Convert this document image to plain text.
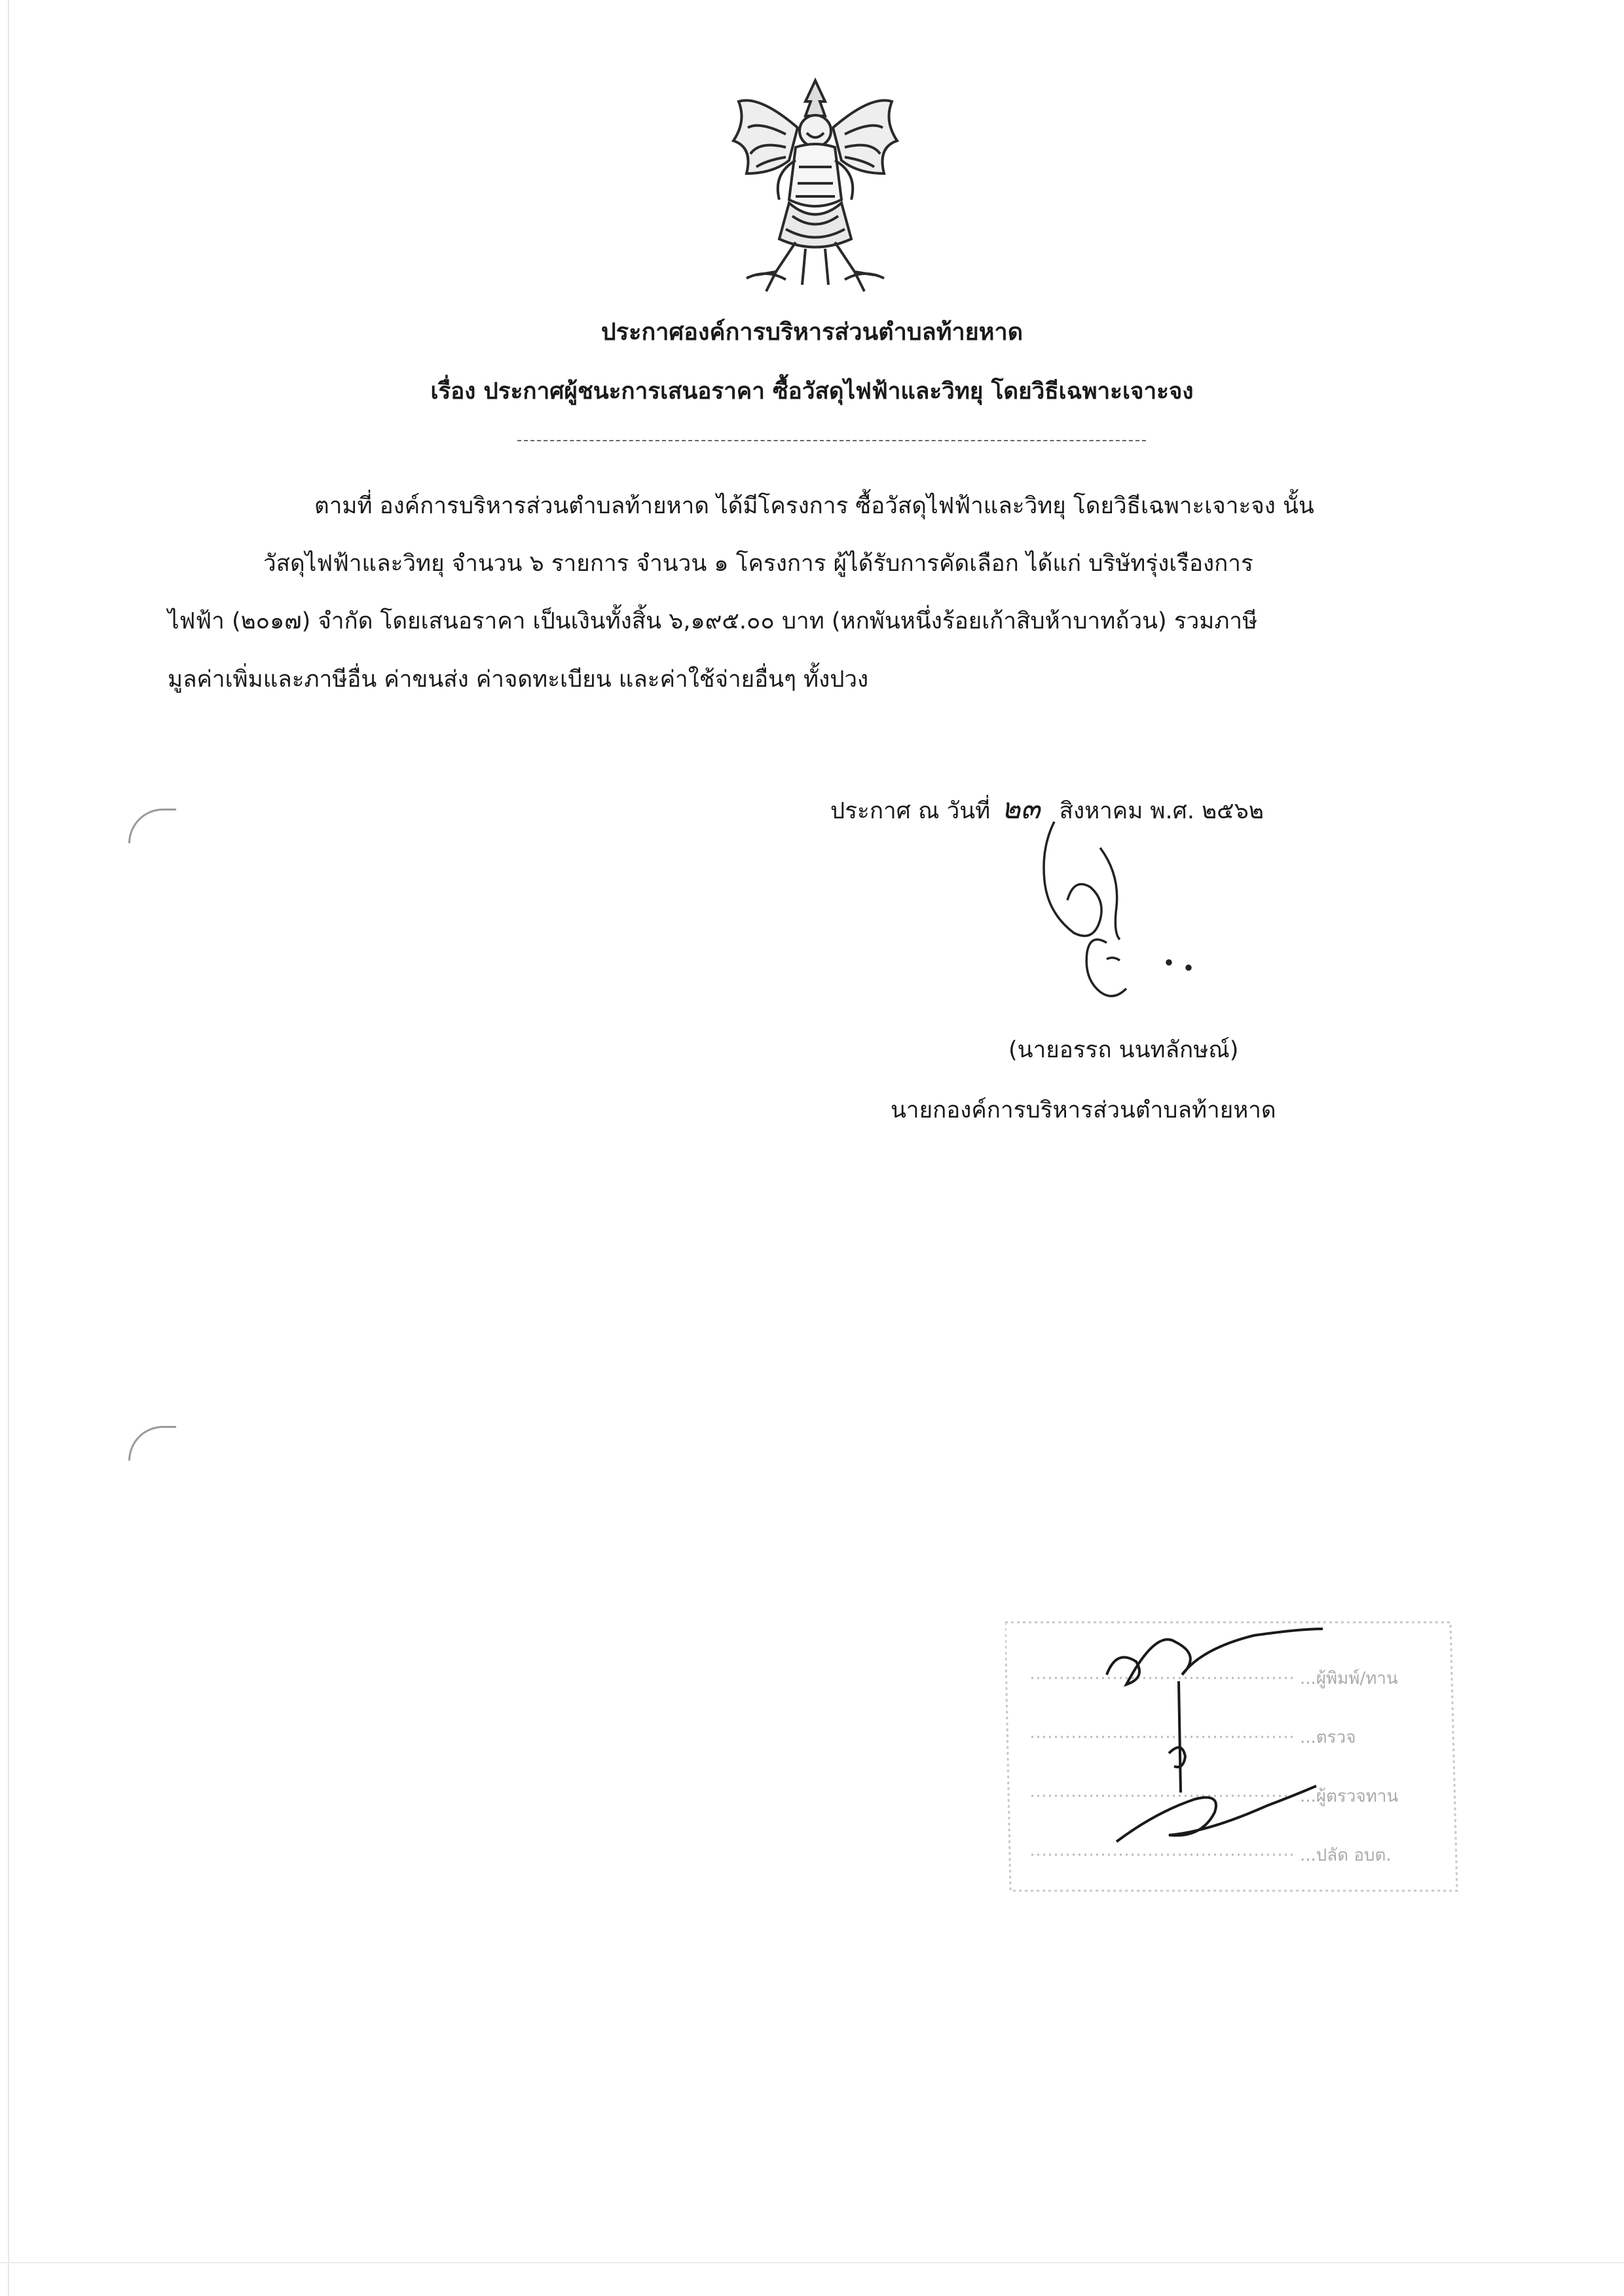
ประกาศองค์การบริหารส่วนตำบลท้ายหาด
เรื่อง ประกาศผู้ชนะการเสนอราคา ซื้อวัสดุไฟฟ้าและวิทยุ โดยวิธีเฉพาะเจาะจง
ตามที่ องค์การบริหารส่วนตำบลท้ายหาด ได้มีโครงการ ซื้อวัสดุไฟฟ้าและวิทยุ โดยวิธีเฉพาะเจาะจง นั้น
วัสดุไฟฟ้าและวิทยุ จำนวน ๖ รายการ จำนวน ๑ โครงการ ผู้ได้รับการคัดเลือก ได้แก่ บริษัทรุ่งเรืองการ
ไฟฟ้า (๒๐๑๗) จำกัด โดยเสนอราคา เป็นเงินทั้งสิ้น ๖,๑๙๕.๐๐ บาท (หกพันหนึ่งร้อยเก้าสิบห้าบาทถ้วน) รวมภาษี
มูลค่าเพิ่มและภาษีอื่น ค่าขนส่ง ค่าจดทะเบียน และค่าใช้จ่ายอื่นๆ ทั้งปวง
ประกาศ ณ วันที่ ๒๓ สิงหาคม พ.ศ. ๒๕๖๒
(นายอรรถ นนทลักษณ์)
นายกองค์การบริหารส่วนตำบลท้ายหาด
...ผู้พิมพ์/ทาน
...ตรวจ
...ผู้ตรวจทาน
...ปลัด อบต.
